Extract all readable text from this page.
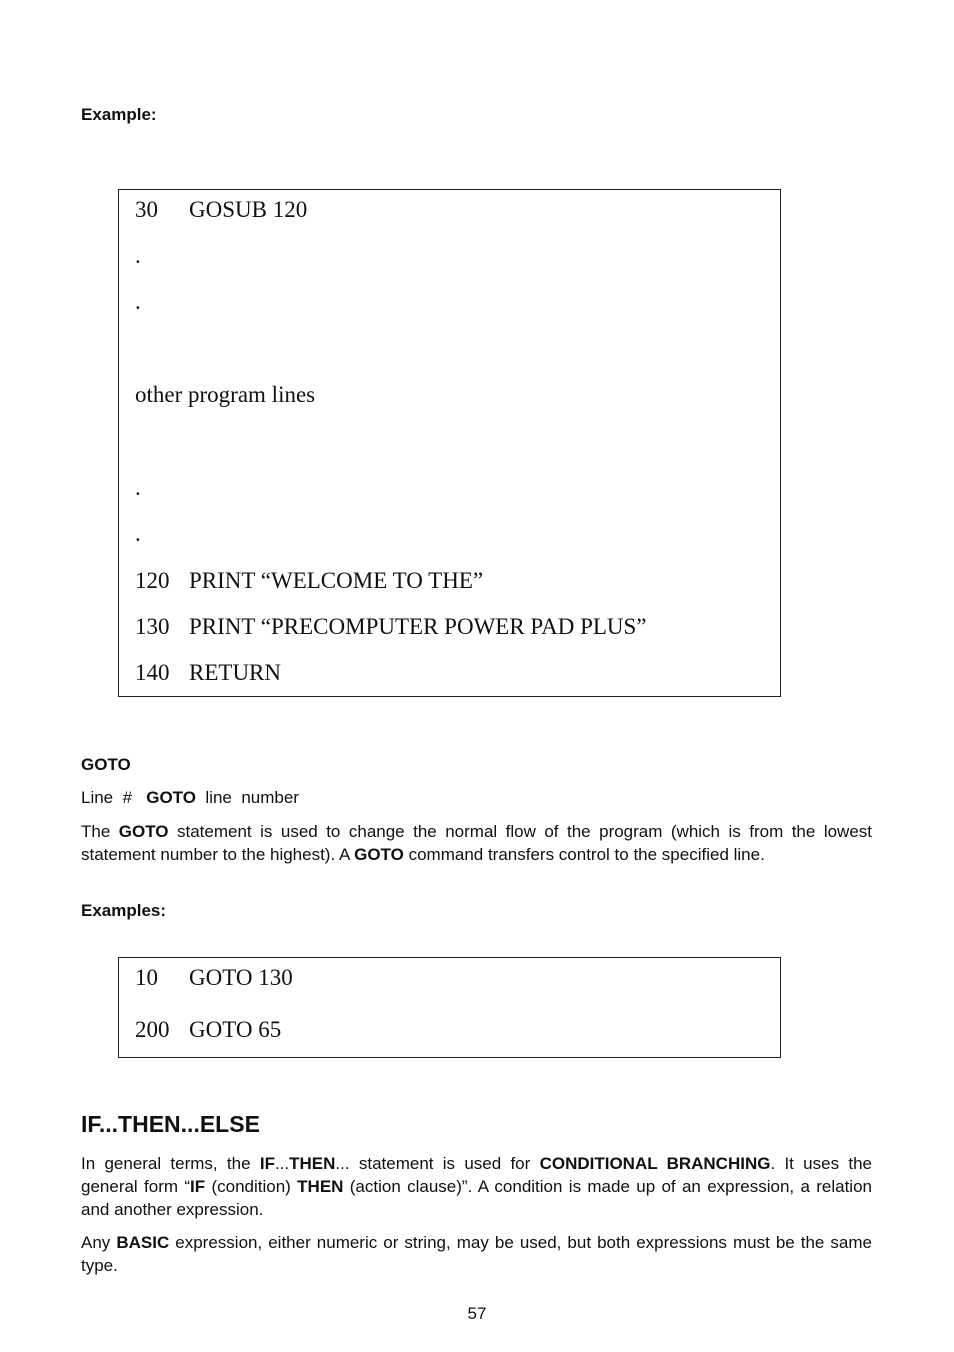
Example:
30 GOSUB 120
.
.
other program lines
.
.
120 PRINT “WELCOME TO THE”
130 PRINT “PRECOMPUTER POWER PAD PLUS”
140 RETURN
GOTO
Line  # GOTO line  number
The GOTO statement is used to change the normal flow of the program (which is from the lowest statement number to the highest). A GOTO command transfers control to the specified line.
Examples:
10 GOTO 130
200 GOTO 65
IF...THEN...ELSE
In general terms, the IF...THEN... statement is used for CONDITIONAL BRANCHING. It uses the general form “IF (condition) THEN (action clause)”. A condition is made up of an expression, a relation and another expression.
Any BASIC expression, either numeric or string, may be used, but both expressions must be the same type.
57
